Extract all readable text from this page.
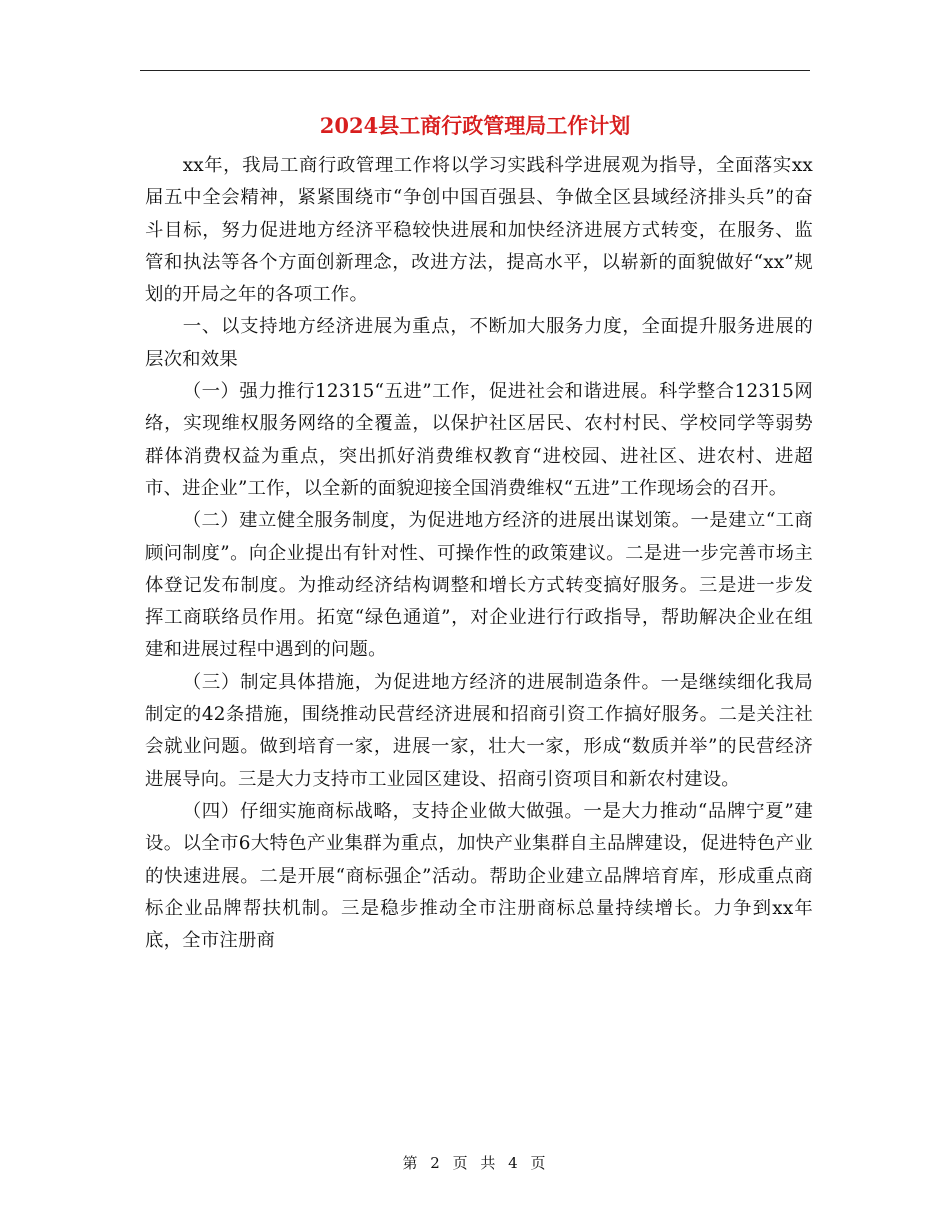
2024县工商行政管理局工作计划

xx年，我局工商行政管理工作将以学习实践科学进展观为指导，全面落实xx届五中全会精神，紧紧围绕市“争创中国百强县、争做全区县域经济排头兵”的奋斗目标，努力促进地方经济平稳较快进展和加快经济进展方式转变，在服务、监管和执法等各个方面创新理念，改进方法，提高水平，以崭新的面貌做好“xx”规划的开局之年的各项工作。

一、以支持地方经济进展为重点，不断加大服务力度，全面提升服务进展的层次和效果

（一）强力推行12315“五进”工作，促进社会和谐进展。科学整合12315网络，实现维权服务网络的全覆盖，以保护社区居民、农村村民、学校同学等弱势群体消费权益为重点，突出抓好消费维权教育“进校园、进社区、进农村、进超市、进企业”工作，以全新的面貌迎接全国消费维权“五进”工作现场会的召开。

（二）建立健全服务制度，为促进地方经济的进展出谋划策。一是建立“工商顾问制度”。向企业提出有针对性、可操作性的政策建议。二是进一步完善市场主体登记发布制度。为推动经济结构调整和增长方式转变搞好服务。三是进一步发挥工商联络员作用。拓宽“绿色通道”，对企业进行行政指导，帮助解决企业在组建和进展过程中遇到的问题。

（三）制定具体措施，为促进地方经济的进展制造条件。一是继续细化我局制定的42条措施，围绕推动民营经济进展和招商引资工作搞好服务。二是关注社会就业问题。做到培育一家，进展一家，壮大一家，形成“数质并举”的民营经济进展导向。三是大力支持市工业园区建设、招商引资项目和新农村建设。

（四）仔细实施商标战略，支持企业做大做强。一是大力推动“品牌宁夏”建设。以全市6大特色产业集群为重点，加快产业集群自主品牌建设，促进特色产业的快速进展。二是开展“商标强企”活动。帮助企业建立品牌培育库，形成重点商标企业品牌帮扶机制。三是稳步推动全市注册商标总量持续增长。力争到xx年底，全市注册商

第 2 页 共 4 页
